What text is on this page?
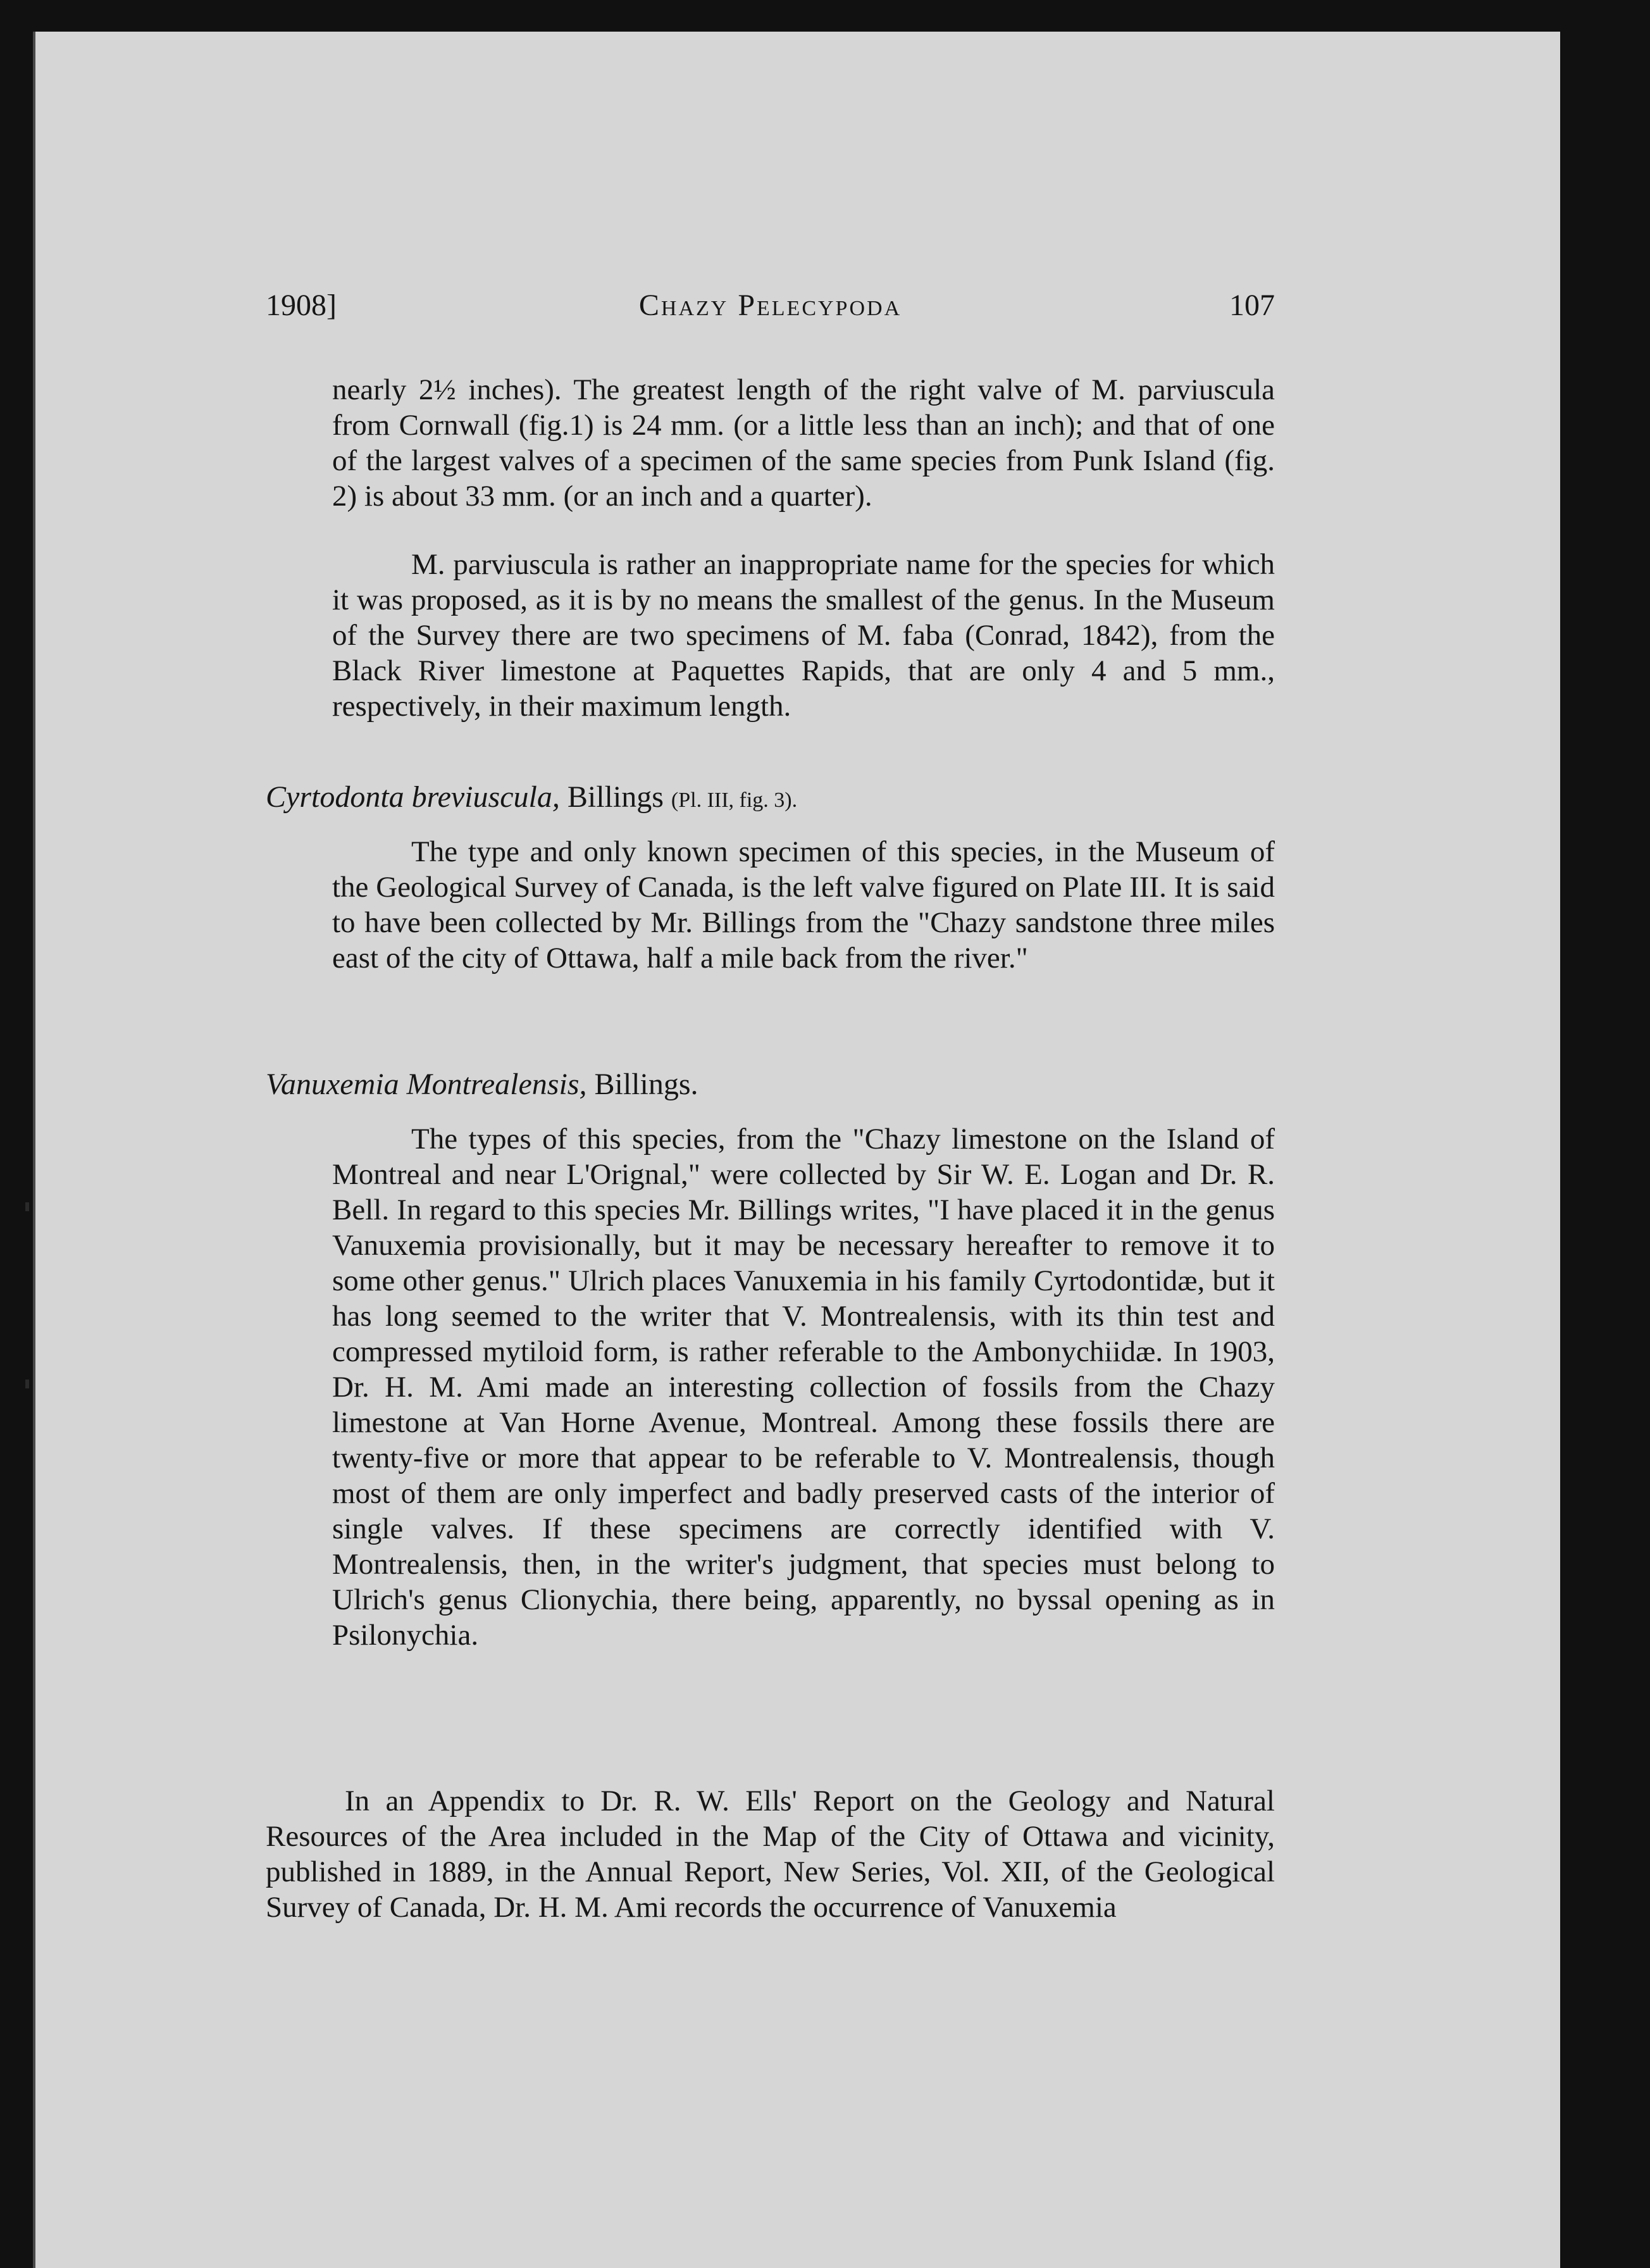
1908]	Chazy Pelecypoda	107

nearly 2½ inches). The greatest length of the right valve of M. parviuscula from Cornwall (fig.1) is 24 mm. (or a little less than an inch); and that of one of the largest valves of a specimen of the same species from Punk Island (fig. 2) is about 33 mm. (or an inch and a quarter).

M. parviuscula is rather an inappropriate name for the species for which it was proposed, as it is by no means the smallest of the genus. In the Museum of the Survey there are two specimens of M. faba (Conrad, 1842), from the Black River limestone at Paquettes Rapids, that are only 4 and 5 mm., respectively, in their maximum length.

Cyrtodonta breviuscula, Billings (Pl. III, fig. 3).

The type and only known specimen of this species, in the Museum of the Geological Survey of Canada, is the left valve figured on Plate III. It is said to have been collected by Mr. Billings from the "Chazy sandstone three miles east of the city of Ottawa, half a mile back from the river."

Vanuxemia Montrealensis, Billings.

The types of this species, from the "Chazy limestone on the Island of Montreal and near L'Orignal," were collected by Sir W. E. Logan and Dr. R. Bell. In regard to this species Mr. Billings writes, "I have placed it in the genus Vanuxemia provisionally, but it may be necessary hereafter to remove it to some other genus." Ulrich places Vanuxemia in his family Cyrtodontidæ, but it has long seemed to the writer that V. Montrealensis, with its thin test and compressed mytiloid form, is rather referable to the Ambonychiidæ. In 1903, Dr. H. M. Ami made an interesting collection of fossils from the Chazy limestone at Van Horne Avenue, Montreal. Among these fossils there are twenty-five or more that appear to be referable to V. Montrealensis, though most of them are only imperfect and badly preserved casts of the interior of single valves. If these specimens are correctly identified with V. Montrealensis, then, in the writer's judgment, that species must belong to Ulrich's genus Clionychia, there being, apparently, no byssal opening as in Psilonychia.

In an Appendix to Dr. R. W. Ells' Report on the Geology and Natural Resources of the Area included in the Map of the City of Ottawa and vicinity, published in 1889, in the Annual Report, New Series, Vol. XII, of the Geological Survey of Canada, Dr. H. M. Ami records the occurrence of Vanuxemia
